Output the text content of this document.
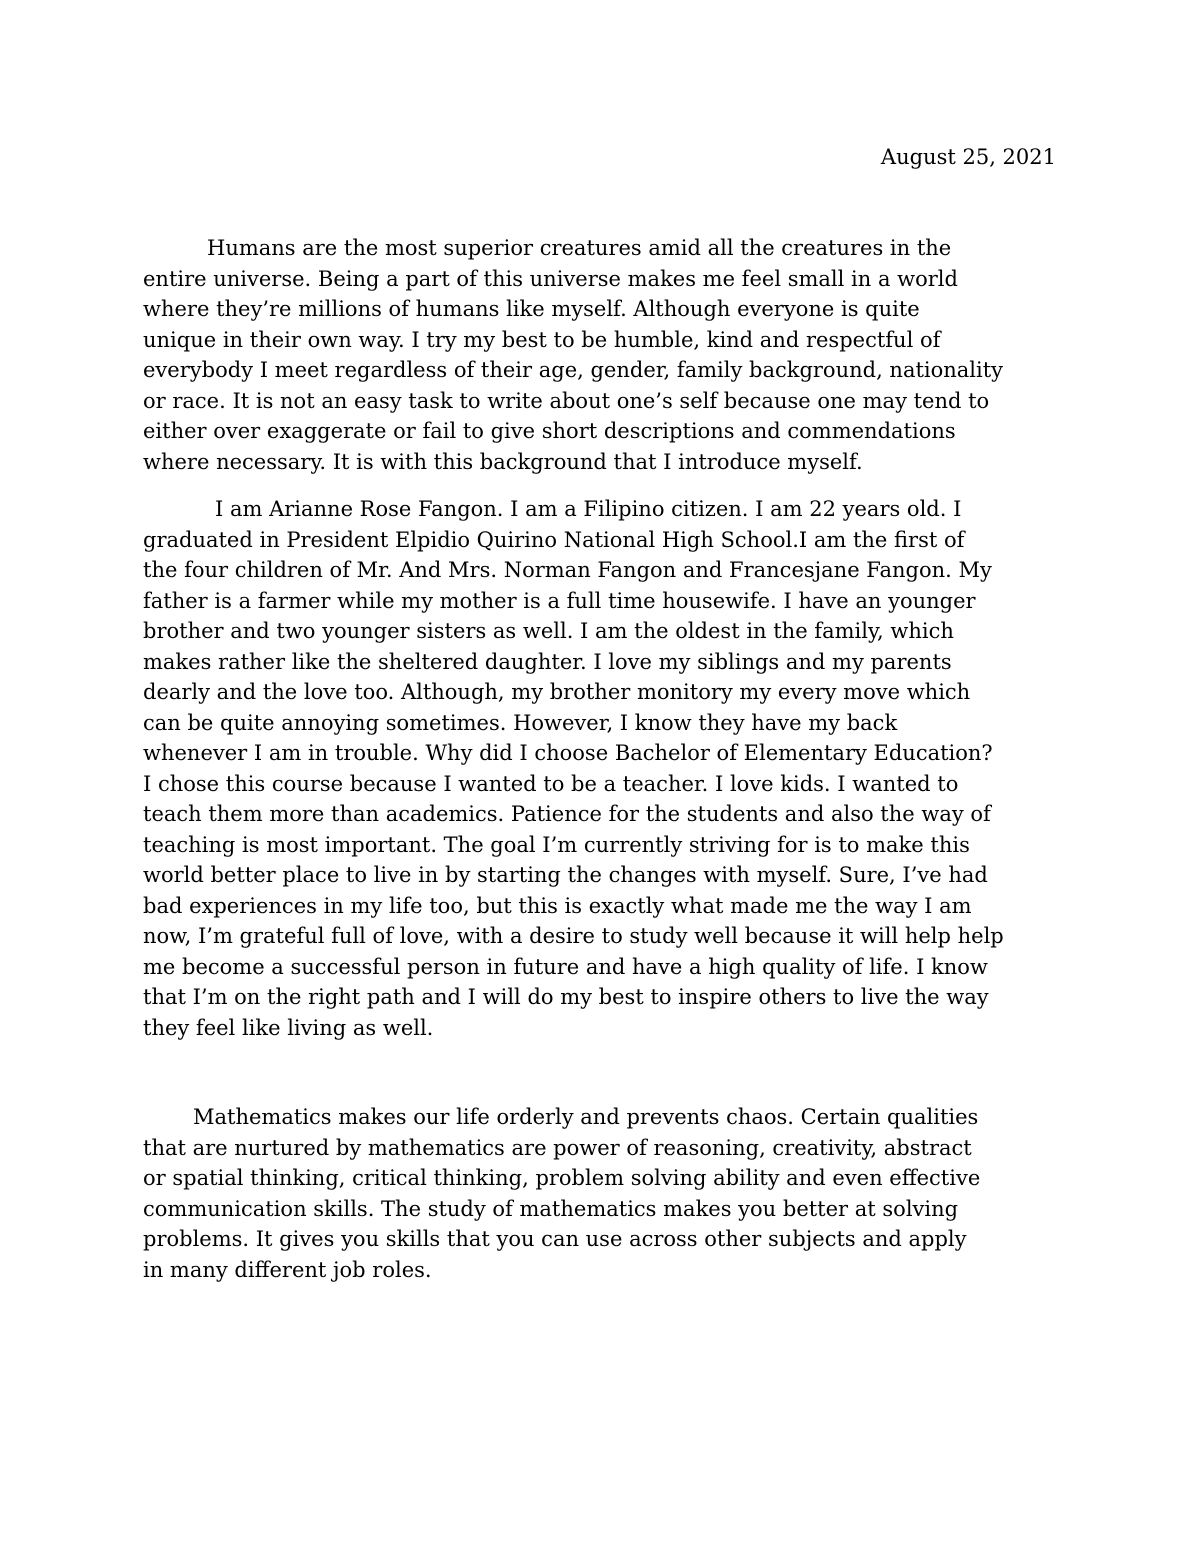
August 25, 2021
Humans are the most superior creatures amid all the creatures in the
entire universe. Being a part of this universe makes me feel small in a world
where they’re millions of humans like myself. Although everyone is quite
unique in their own way. I try my best to be humble, kind and respectful of
everybody I meet regardless of their age, gender, family background, nationality
or race. It is not an easy task to write about one’s self because one may tend to
either over exaggerate or fail to give short descriptions and commendations
where necessary. It is with this background that I introduce myself.
I am Arianne Rose Fangon. I am a Filipino citizen. I am 22 years old. I
graduated in President Elpidio Quirino National High School.I am the first of
the four children of Mr. And Mrs. Norman Fangon and Francesjane Fangon. My
father is a farmer while my mother is a full time housewife. I have an younger
brother and two younger sisters as well. I am the oldest in the family, which
makes rather like the sheltered daughter. I love my siblings and my parents
dearly and the love too. Although, my brother monitory my every move which
can be quite annoying sometimes. However, I know they have my back
whenever I am in trouble. Why did I choose Bachelor of Elementary Education?
I chose this course because I wanted to be a teacher. I love kids. I wanted to
teach them more than academics. Patience for the students and also the way of
teaching is most important. The goal I’m currently striving for is to make this
world better place to live in by starting the changes with myself. Sure, I’ve had
bad experiences in my life too, but this is exactly what made me the way I am
now, I’m grateful full of love, with a desire to study well because it will help help
me become a successful person in future and have a high quality of life. I know
that I’m on the right path and I will do my best to inspire others to live the way
they feel like living as well.
Mathematics makes our life orderly and prevents chaos. Certain qualities
that are nurtured by mathematics are power of reasoning, creativity, abstract
or spatial thinking, critical thinking, problem solving ability and even effective
communication skills. The study of mathematics makes you better at solving
problems. It gives you skills that you can use across other subjects and apply
in many different job roles.
